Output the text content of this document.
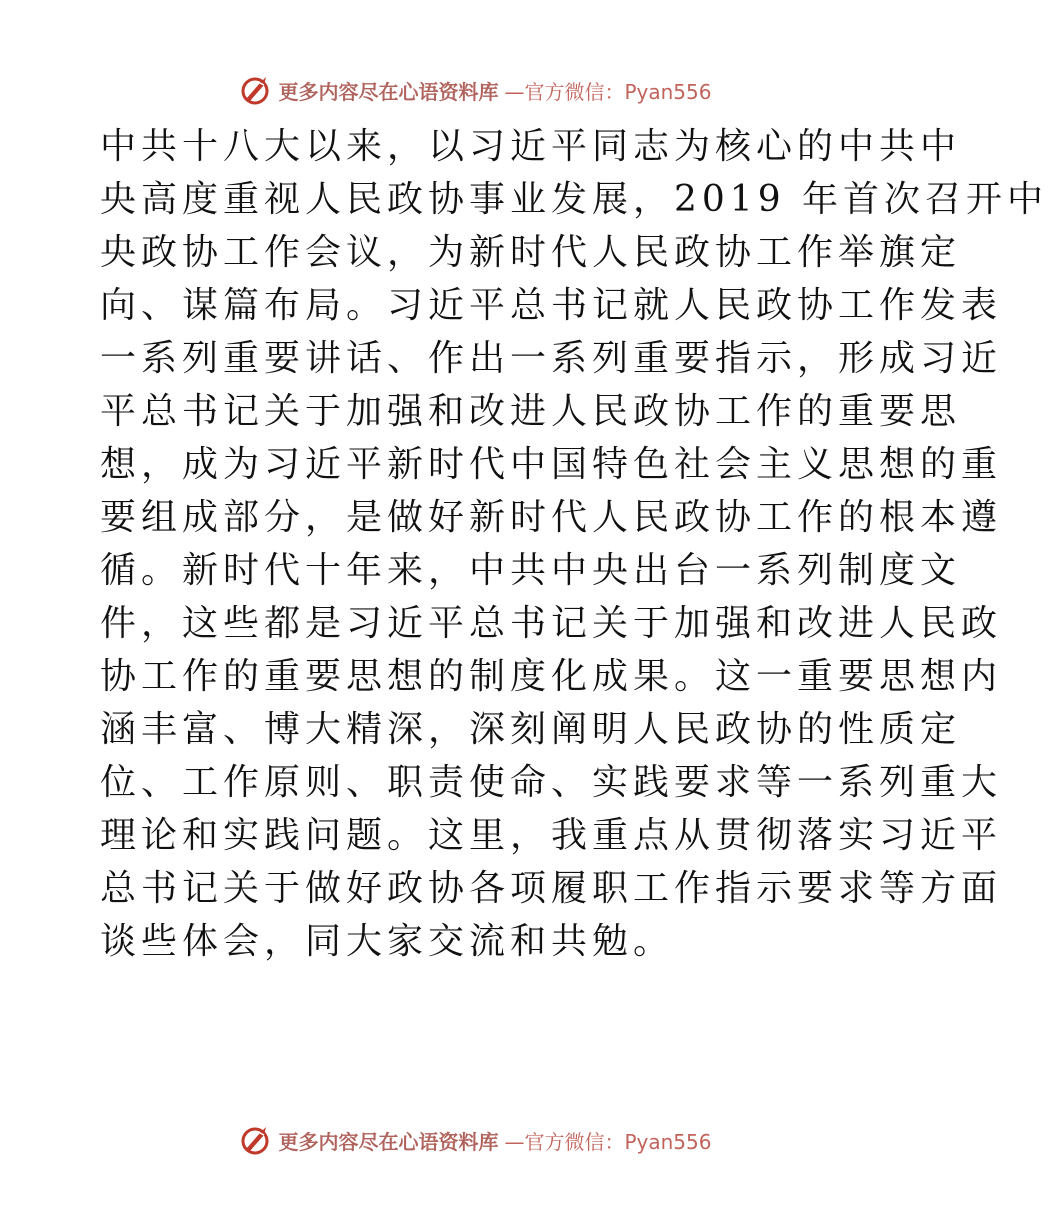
更多内容尽在心语资料库 —官方微信：Pyan556
中共十八大以来，以习近平同志为核心的中共中
央高度重视人民政协事业发展，2019 年首次召开中
央政协工作会议，为新时代人民政协工作举旗定
向、谋篇布局。习近平总书记就人民政协工作发表
一系列重要讲话、作出一系列重要指示，形成习近
平总书记关于加强和改进人民政协工作的重要思
想，成为习近平新时代中国特色社会主义思想的重
要组成部分，是做好新时代人民政协工作的根本遵
循。新时代十年来，中共中央出台一系列制度文
件，这些都是习近平总书记关于加强和改进人民政
协工作的重要思想的制度化成果。这一重要思想内
涵丰富、博大精深，深刻阐明人民政协的性质定
位、工作原则、职责使命、实践要求等一系列重大
理论和实践问题。这里，我重点从贯彻落实习近平
总书记关于做好政协各项履职工作指示要求等方面
谈些体会，同大家交流和共勉。
更多内容尽在心语资料库 —官方微信：Pyan556
